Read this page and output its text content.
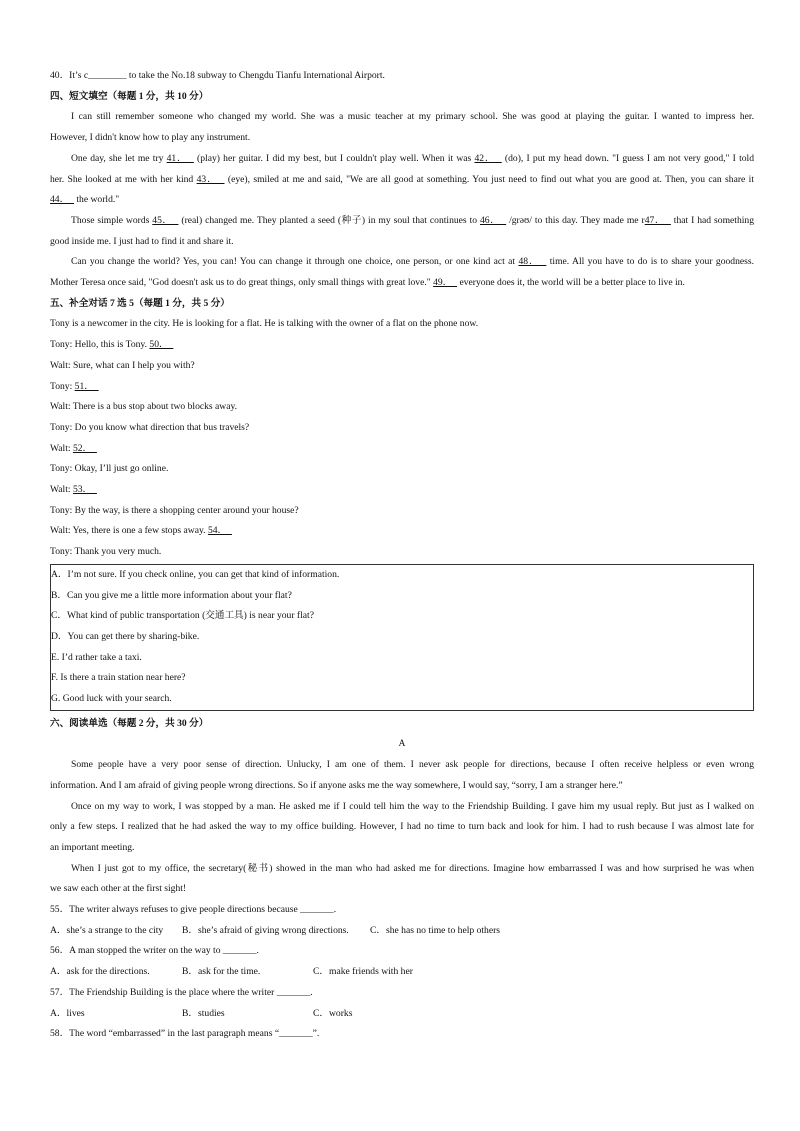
40．It’s c________ to take the No.18 subway to Chengdu Tianfu International Airport.
四、短文填空（每题 1 分，共 10 分）
I can still remember someone who changed my world. She was a music teacher at my primary school. She was good at playing the guitar. I wanted to impress her.
However, I didn't know how to play any instrument.
One day, she let me try 41．   (play) her guitar. I did my best, but I couldn't play well. When it was 42．   (do), I put my head down. "I guess I am not very good," I told
her. She looked at me with her kind 43．   (eye), smiled at me and said, "We are all good at something. You just need to find out what you are good at. Then, you can share it
44．   the world."
Those simple words 45．   (real) changed me. They planted a seed (种子) in my soul that continues to 46．   /grəʊ/ to this day. They made me r47．   that I had something
good inside me. I just had to find it and share it.
Can you change the world? Yes, you can! You can change it through one choice, one person, or one kind act at 48．   time. All you have to do is to share your goodness.
Mother Teresa once said, "God doesn't ask us to do great things, only small things with great love." 49．   everyone does it, the world will be a better place to live in.
五、补全对话 7 选 5（每题 1 分，共 5 分）
Tony is a newcomer in the city. He is looking for a flat. He is talking with the owner of a flat on the phone now.
Tony: Hello, this is Tony. 50．
Walt: Sure, what can I help you with?
Tony: 51．
Walt: There is a bus stop about two blocks away.
Tony: Do you know what direction that bus travels?
Walt: 52．
Tony: Okay, I’ll just go online.
Walt: 53．
Tony: By the way, is there a shopping center around your house?
Walt: Yes, there is one a few stops away. 54．
Tony: Thank you very much.
A．I’m not sure. If you check online, you can get that kind of information.
B．Can you give me a little more information about your flat?
C．What kind of public transportation (交通工具) is near your flat?
D．You can get there by sharing-bike.
E. I’d rather take a taxi.
F. Is there a train station near here?
G. Good luck with your search.
六、阅读单选（每题 2 分，共 30 分）
A
Some people have a very poor sense of direction. Unlucky, I am one of them. I never ask people for directions, because I often receive helpless or even wrong
information. And I am afraid of giving people wrong directions. So if anyone asks me the way somewhere, I would say, “sorry, I am a stranger here.”
Once on my way to work, I was stopped by a man. He asked me if I could tell him the way to the Friendship Building. I gave him my usual reply. But just as I walked on
only a few steps. I realized that he had asked the way to my office building. However, I had no time to turn back and look for him. I had to rush because I was almost late for
an important meeting.
When I just got to my office, the secretary(秘书) showed in the man who had asked me for directions. Imagine how embarrassed I was and how surprised he was when
we saw each other at the first sight!
55．The writer always refuses to give people directions because _______.
A．she’s a strange to the city	B．she’s afraid of giving wrong directions.	C．she has no time to help others
56．A man stopped the writer on the way to _______.
A．ask for the directions.	B．ask for the time.	C．make friends with her
57．The Friendship Building is the place where the writer _______.
A．lives	B．studies	C．works
58．The word “embarrassed” in the last paragraph means “_______”.
